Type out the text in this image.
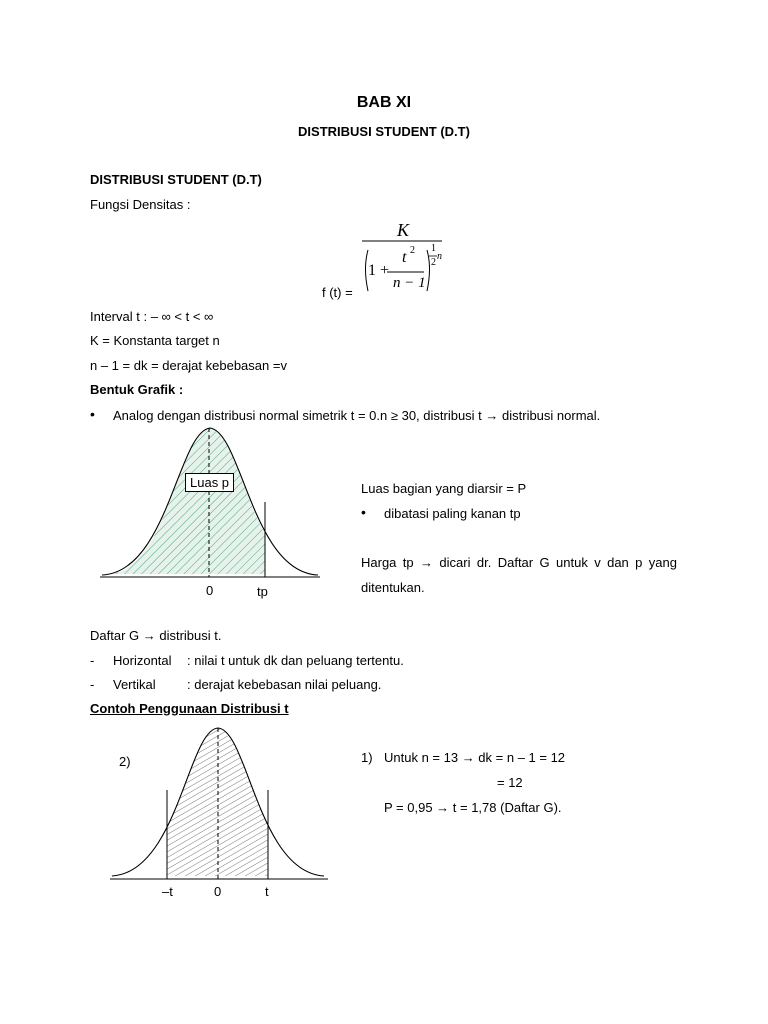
BAB XI
DISTRIBUSI STUDENT (D.T)
DISTRIBUSI STUDENT (D.T)
Fungsi Densitas :
f (t) =
K
1 +
t 2
n − 1
1
2
n
Interval t : – ∞ < t < ∞
K = Konstanta target n
n – 1 = dk = derajat kebebasan =v
Bentuk Grafik :
• Analog dengan distribusi normal simetrik t = 0.n ≥ 30, distribusi t → distribusi normal.
Luas p
0	tp
Luas bagian yang diarsir = P
• dibatasi paling kanan tp
Harga tp → dicari dr. Daftar G untuk v dan p yang
ditentukan.
Daftar G → distribusi t.
- Horizontal : nilai t untuk dk dan peluang tertentu.
- Vertikal : derajat kebebasan nilai peluang.
Contoh Penggunaan Distribusi t
2)
–t	0	t
1) Untuk n = 13 → dk = n – 1 = 12
= 12
P = 0,95 → t = 1,78 (Daftar G).
